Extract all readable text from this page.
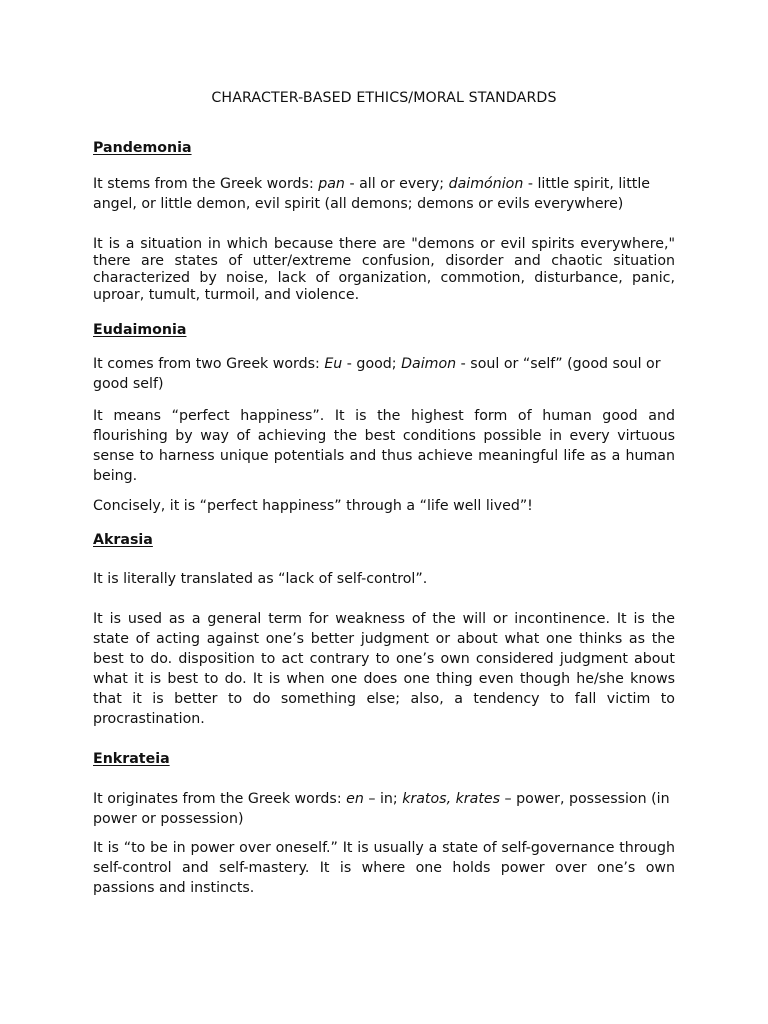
CHARACTER-BASED ETHICS/MORAL STANDARDS

Pandemonia

It stems from the Greek words: pan - all or every; daimónion - little spirit, little angel, or little demon, evil spirit (all demons; demons or evils everywhere)

It is a situation in which because there are "demons or evil spirits everywhere," there are states of utter/extreme confusion, disorder and chaotic situation characterized by noise, lack of organization, commotion, disturbance, panic, uproar, tumult, turmoil, and violence.

Eudaimonia

It comes from two Greek words: Eu - good; Daimon - soul or “self” (good soul or good self)

It means “perfect happiness”. It is the highest form of human good and flourishing by way of achieving the best conditions possible in every virtuous sense to harness unique potentials and thus achieve meaningful life as a human being.

Concisely, it is “perfect happiness” through a “life well lived”!

Akrasia

It is literally translated as “lack of self-control”.

It is used as a general term for weakness of the will or incontinence. It is the state of acting against one’s better judgment or about what one thinks as the best to do. disposition to act contrary to one’s own considered judgment about what it is best to do. It is when one does one thing even though he/she knows that it is better to do something else; also, a tendency to fall victim to procrastination.

Enkrateia

It originates from the Greek words: en – in; kratos, krates – power, possession (in power or possession)

It is “to be in power over oneself.” It is usually a state of self-governance through self-control and self-mastery. It is where one holds power over one’s own passions and instincts.
